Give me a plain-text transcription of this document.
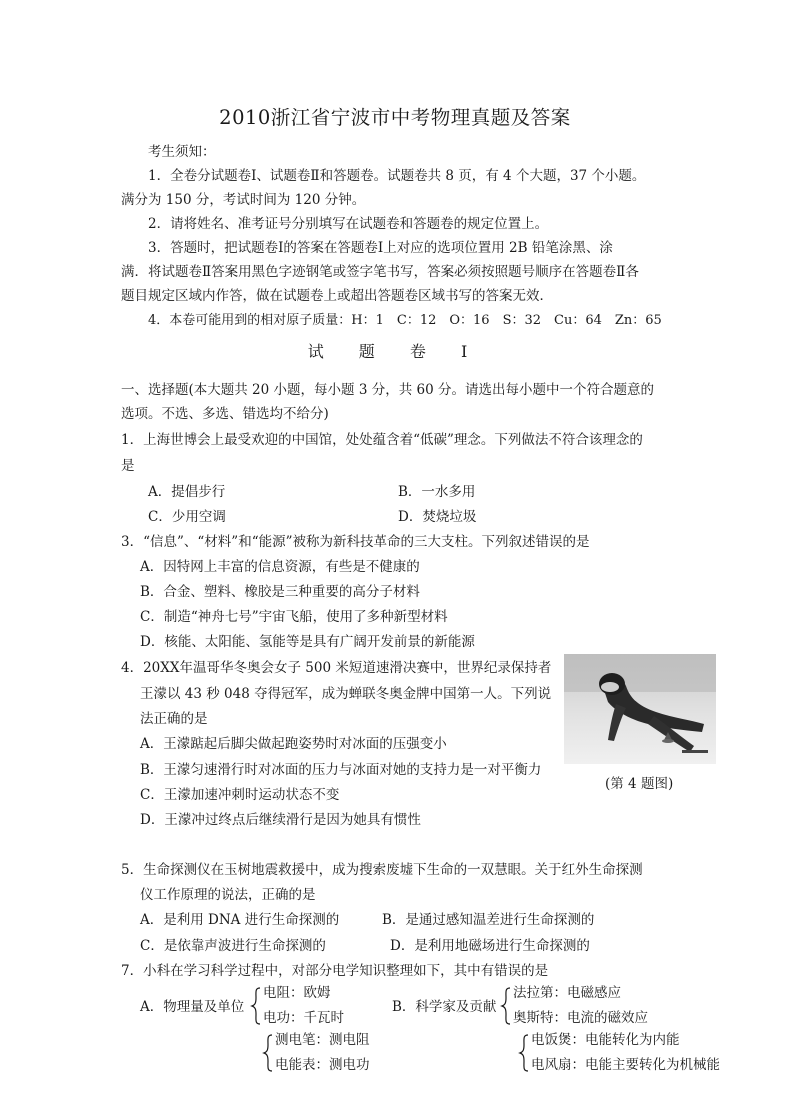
2010浙江省宁波市中考物理真题及答案
考生须知：
1．全卷分试题卷Ⅰ、试题卷Ⅱ和答题卷。试题卷共 8 页，有 4 个大题，37 个小题。
满分为 150 分，考试时间为 120 分钟。
2．请将姓名、准考证号分别填写在试题卷和答题卷的规定位置上。
3．答题时，把试题卷Ⅰ的答案在答题卷Ⅰ上对应的选项位置用 2B 铅笔涂黑、涂
满．将试题卷Ⅱ答案用黑色字迹钢笔或签字笔书写，答案必须按照题号顺序在答题卷Ⅱ各
题目规定区域内作答，做在试题卷上或超出答题卷区域书写的答案无效．
4．本卷可能用到的相对原子质量：H：1　C：12　O：16　S：32　Cu：64　Zn：65
试 题 卷 Ⅰ
一、选择题(本大题共 20 小题，每小题 3 分，共 60 分。请选出每小题中一个符合题意的
选项。不选、多选、错选均不给分)
1．上海世博会上最受欢迎的中国馆，处处蕴含着“低碳”理念。下列做法不符合该理念的
是
A．提倡步行	B．一水多用
C．少用空调	D．焚烧垃圾
3．“信息”、“材料”和“能源”被称为新科技革命的三大支柱。下列叙述错误的是
A．因特网上丰富的信息资源，有些是不健康的
B．合金、塑料、橡胶是三种重要的高分子材料
C．制造“神舟七号”宇宙飞船，使用了多种新型材料
D．核能、太阳能、氢能等是具有广阔开发前景的新能源
4．20XX年温哥华冬奥会女子 500 米短道速滑决赛中，世界纪录保持者
王濛以 43 秒 048 夺得冠军，成为蝉联冬奥金牌中国第一人。下列说
法正确的是
A．王濛踮起后脚尖做起跑姿势时对冰面的压强变小
B．王濛匀速滑行时对冰面的压力与冰面对她的支持力是一对平衡力
C．王濛加速冲刺时运动状态不变
D．王濛冲过终点后继续滑行是因为她具有惯性
(第 4 题图)
5．生命探测仪在玉树地震救援中，成为搜索废墟下生命的一双慧眼。关于红外生命探测
仪工作原理的说法，正确的是
A．是利用 DNA 进行生命探测的	B．是通过感知温差进行生命探测的
C．是依靠声波进行生命探测的	D．是利用地磁场进行生命探测的
7．小科在学习科学过程中，对部分电学知识整理如下，其中有错误的是
A．物理量及单位
电阻：欧姆
电功：千瓦时
B．科学家及贡献
法拉第：电磁感应
奥斯特：电流的磁效应
测电笔：测电阻
电能表：测电功
电饭煲：电能转化为内能
电风扇：电能主要转化为机械能
